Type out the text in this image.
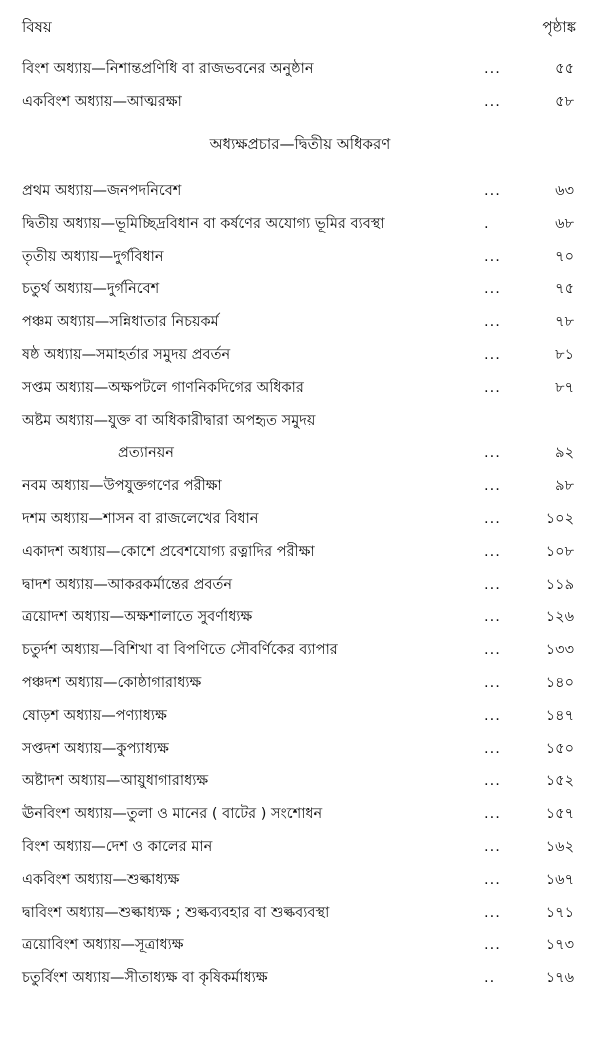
বিষয়	পৃষ্ঠাঙ্ক
বিংশ অধ্যায়—নিশান্তপ্রণিধি বা রাজভবনের অনুষ্ঠান	...	৫৫
একবিংশ অধ্যায়—আত্মরক্ষা	...	৫৮
অধ্যক্ষপ্রচার—দ্বিতীয় অধিকরণ
প্রথম অধ্যায়—জনপদনিবেশ	...	৬৩
দ্বিতীয় অধ্যায়—ভূমিচ্ছিদ্রবিধান বা কর্ষণের অযোগ্য ভূমির ব্যবস্থা	.	৬৮
তৃতীয় অধ্যায়—দুর্গবিধান	...	৭০
চতুর্থ অধ্যায়—দুর্গনিবেশ	...	৭৫
পঞ্চম অধ্যায়—সন্নিধাতার নিচয়কর্ম	...	৭৮
ষষ্ঠ অধ্যায়—সমাহর্তার সমুদয় প্রবর্তন	...	৮১
সপ্তম অধ্যায়—অক্ষপটলে গাণনিকদিগের অধিকার	...	৮৭
অষ্টম অধ্যায়—যুক্ত বা অধিকারীদ্বারা অপহৃত সমুদয়
প্রত্যানয়ন	...	৯২
নবম অধ্যায়—উপযুক্তগণের পরীক্ষা	...	৯৮
দশম অধ্যায়—শাসন বা রাজলেখের বিধান	...	১০২
একাদশ অধ্যায়—কোশে প্রবেশযোগ্য রত্নাদির পরীক্ষা	...	১০৮
দ্বাদশ অধ্যায়—আকরকর্মান্তের প্রবর্তন	...	১১৯
ত্রয়োদশ অধ্যায়—অক্ষশালাতে সুবর্ণাধ্যক্ষ	...	১২৬
চতুর্দশ অধ্যায়—বিশিখা বা বিপণিতে সৌবর্ণিকের ব্যাপার	...	১৩৩
পঞ্চদশ অধ্যায়—কোষ্ঠাগারাধ্যক্ষ	...	১৪০
ষোড়শ অধ্যায়—পণ্যাধ্যক্ষ	...	১৪৭
সপ্তদশ অধ্যায়—কুপ্যাধ্যক্ষ	...	১৫০
অষ্টাদশ অধ্যায়—আয়ুধাগারাধ্যক্ষ	...	১৫২
ঊনবিংশ অধ্যায়—তুলা ও মানের ( বাটের ) সংশোধন	...	১৫৭
বিংশ অধ্যায়—দেশ ও কালের মান	...	১৬২
একবিংশ অধ্যায়—শুল্কাধ্যক্ষ	...	১৬৭
দ্বাবিংশ অধ্যায়—শুল্কাধ্যক্ষ ; শুল্কব্যবহার বা শুল্কব্যবস্থা	...	১৭১
ত্রয়োবিংশ অধ্যায়—সূত্রাধ্যক্ষ	...	১৭৩
চতুর্বিংশ অধ্যায়—সীতাধ্যক্ষ বা কৃষিকর্মাধ্যক্ষ	..	১৭৬
